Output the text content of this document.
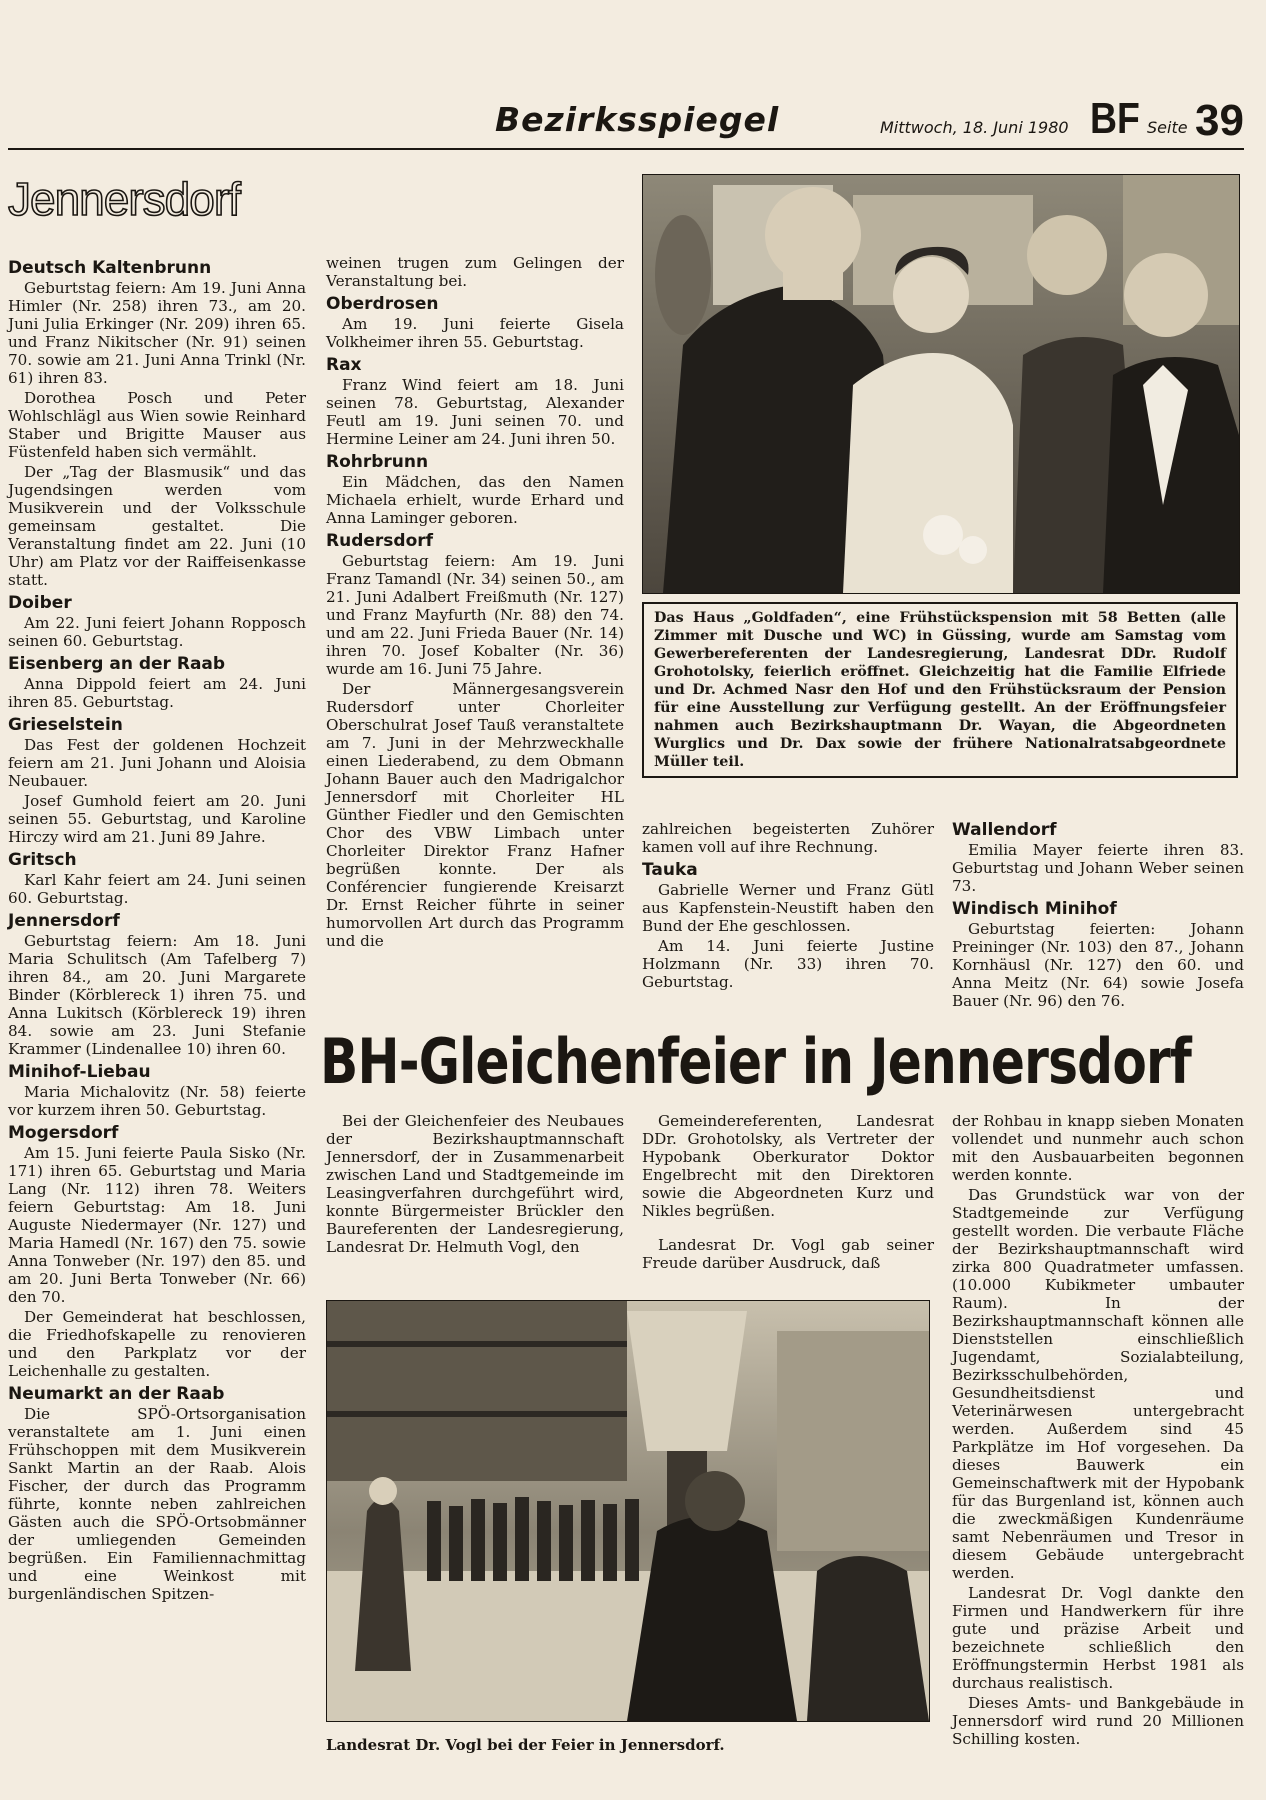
Bezirksspiegel	Mittwoch, 18. Juni 1980 BF Seite 39
Jennersdorf
Deutsch Kaltenbrunn

Geburtstag feiern: Am 19. Juni Anna Himler (Nr. 258) ihren 73., am 20. Juni Julia Erkinger (Nr. 209) ihren 65. und Franz Nikitscher (Nr. 91) seinen 70. sowie am 21. Juni Anna Trinkl (Nr. 61) ihren 83.

Dorothea Posch und Peter Wohlschlägl aus Wien sowie Reinhard Staber und Brigitte Mauser aus Füstenfeld haben sich vermählt.

Der „Tag der Blasmusik“ und das Jugendsingen werden vom Musikverein und der Volksschule gemeinsam gestaltet. Die Veranstaltung findet am 22. Juni (10 Uhr) am Platz vor der Raiffeisenkasse statt.

Doiber

Am 22. Juni feiert Johann Ropposch seinen 60. Geburtstag.

Eisenberg an der Raab

Anna Dippold feiert am 24. Juni ihren 85. Geburtstag.

Grieselstein

Das Fest der goldenen Hochzeit feiern am 21. Juni Johann und Aloisia Neubauer.

Josef Gumhold feiert am 20. Juni seinen 55. Geburtstag, und Karoline Hirczy wird am 21. Juni 89 Jahre.

Gritsch

Karl Kahr feiert am 24. Juni seinen 60. Geburtstag.

Jennersdorf

Geburtstag feiern: Am 18. Juni Maria Schulitsch (Am Tafelberg 7) ihren 84., am 20. Juni Margarete Binder (Körblereck 1) ihren 75. und Anna Lukitsch (Körblereck 19) ihren 84. sowie am 23. Juni Stefanie Krammer (Lindenallee 10) ihren 60.

Minihof-Liebau

Maria Michalovitz (Nr. 58) feierte vor kurzem ihren 50. Geburtstag.

Mogersdorf

Am 15. Juni feierte Paula Sisko (Nr. 171) ihren 65. Geburtstag und Maria Lang (Nr. 112) ihren 78. Weiters feiern Geburtstag: Am 18. Juni Auguste Niedermayer (Nr. 127) und Maria Hamedl (Nr. 167) den 75. sowie Anna Tonweber (Nr. 197) den 85. und am 20. Juni Berta Tonweber (Nr. 66) den 70.

Der Gemeinderat hat beschlossen, die Friedhofskapelle zu renovieren und den Parkplatz vor der Leichenhalle zu gestalten.

Neumarkt an der Raab

Die SPÖ-Ortsorganisation veranstaltete am 1. Juni einen Frühschoppen mit dem Musikverein Sankt Martin an der Raab. Alois Fischer, der durch das Programm führte, konnte neben zahlreichen Gästen auch die SPÖ-Ortsobmänner der umliegenden Gemeinden begrüßen. Ein Familiennachmittag und eine Weinkost mit burgenländischen Spitzen-

weinen trugen zum Gelingen der Veranstaltung bei.

Oberdrosen

Am 19. Juni feierte Gisela Volkheimer ihren 55. Geburtstag.

Rax

Franz Wind feiert am 18. Juni seinen 78. Geburtstag, Alexander Feutl am 19. Juni seinen 70. und Hermine Leiner am 24. Juni ihren 50.

Rohrbrunn

Ein Mädchen, das den Namen Michaela erhielt, wurde Erhard und Anna Laminger geboren.

Rudersdorf

Geburtstag feiern: Am 19. Juni Franz Tamandl (Nr. 34) seinen 50., am 21. Juni Adalbert Freißmuth (Nr. 127) und Franz Mayfurth (Nr. 88) den 74. und am 22. Juni Frieda Bauer (Nr. 14) ihren 70. Josef Kobalter (Nr. 36) wurde am 16. Juni 75 Jahre.

Der Männergesangsverein Rudersdorf unter Chorleiter Oberschulrat Josef Tauß veranstaltete am 7. Juni in der Mehrzweckhalle einen Liederabend, zu dem Obmann Johann Bauer auch den Madrigalchor Jennersdorf mit Chorleiter HL Günther Fiedler und den Gemischten Chor des VBW Limbach unter Chorleiter Direktor Franz Hafner begrüßen konnte. Der als Conférencier fungierende Kreisarzt Dr. Ernst Reicher führte in seiner humorvollen Art durch das Programm und die

Das Haus „Goldfaden“, eine Frühstückspension mit 58 Betten (alle Zimmer mit Dusche und WC) in Güssing, wurde am Samstag vom Gewerbereferenten der Landesregierung, Landesrat DDr. Rudolf Grohotolsky, feierlich eröffnet. Gleichzeitig hat die Familie Elfriede und Dr. Achmed Nasr den Hof und den Frühstücksraum der Pension für eine Ausstellung zur Verfügung gestellt. An der Eröffnungsfeier nahmen auch Bezirkshauptmann Dr. Wayan, die Abgeordneten Wurglics und Dr. Dax sowie der frühere Nationalratsabgeordnete Müller teil.

zahlreichen begeisterten Zuhörer kamen voll auf ihre Rechnung.

Tauka

Gabrielle Werner und Franz Gütl aus Kapfenstein-Neustift haben den Bund der Ehe geschlossen.

Am 14. Juni feierte Justine Holzmann (Nr. 33) ihren 70. Geburtstag.

Wallendorf

Emilia Mayer feierte ihren 83. Geburtstag und Johann Weber seinen 73.

Windisch Minihof

Geburtstag feierten: Johann Preininger (Nr. 103) den 87., Johann Kornhäusl (Nr. 127) den 60. und Anna Meitz (Nr. 64) sowie Josefa Bauer (Nr. 96) den 76.

BH-Gleichenfeier in Jennersdorf

Bei der Gleichenfeier des Neubaues der Bezirkshauptmannschaft Jennersdorf, der in Zusammenarbeit zwischen Land und Stadtgemeinde im Leasingverfahren durchgeführt wird, konnte Bürgermeister Brückler den Baureferenten der Landesregierung, Landesrat Dr. Helmuth Vogl, den

Gemeindereferenten, Landesrat DDr. Grohotolsky, als Vertreter der Hypobank Oberkurator Doktor Engelbrecht mit den Direktoren sowie die Abgeordneten Kurz und Nikles begrüßen.

Landesrat Dr. Vogl gab seiner Freude darüber Ausdruck, daß

der Rohbau in knapp sieben Monaten vollendet und nunmehr auch schon mit den Ausbauarbeiten begonnen werden konnte.

Das Grundstück war von der Stadtgemeinde zur Verfügung gestellt worden. Die verbaute Fläche der Bezirkshauptmannschaft wird zirka 800 Quadratmeter umfassen. (10.000 Kubikmeter umbauter Raum). In der Bezirkshauptmannschaft können alle Dienststellen einschließlich Jugendamt, Sozialabteilung, Bezirksschulbehörden, Gesundheitsdienst und Veterinärwesen untergebracht werden. Außerdem sind 45 Parkplätze im Hof vorgesehen. Da dieses Bauwerk ein Gemeinschaftwerk mit der Hypobank für das Burgenland ist, können auch die zweckmäßigen Kundenräume samt Nebenräumen und Tresor in diesem Gebäude untergebracht werden.

Landesrat Dr. Vogl dankte den Firmen und Handwerkern für ihre gute und präzise Arbeit und bezeichnete schließlich den Eröffnungstermin Herbst 1981 als durchaus realistisch.

Dieses Amts- und Bankgebäude in Jennersdorf wird rund 20 Millionen Schilling kosten.

Landesrat Dr. Vogl bei der Feier in Jennersdorf.
